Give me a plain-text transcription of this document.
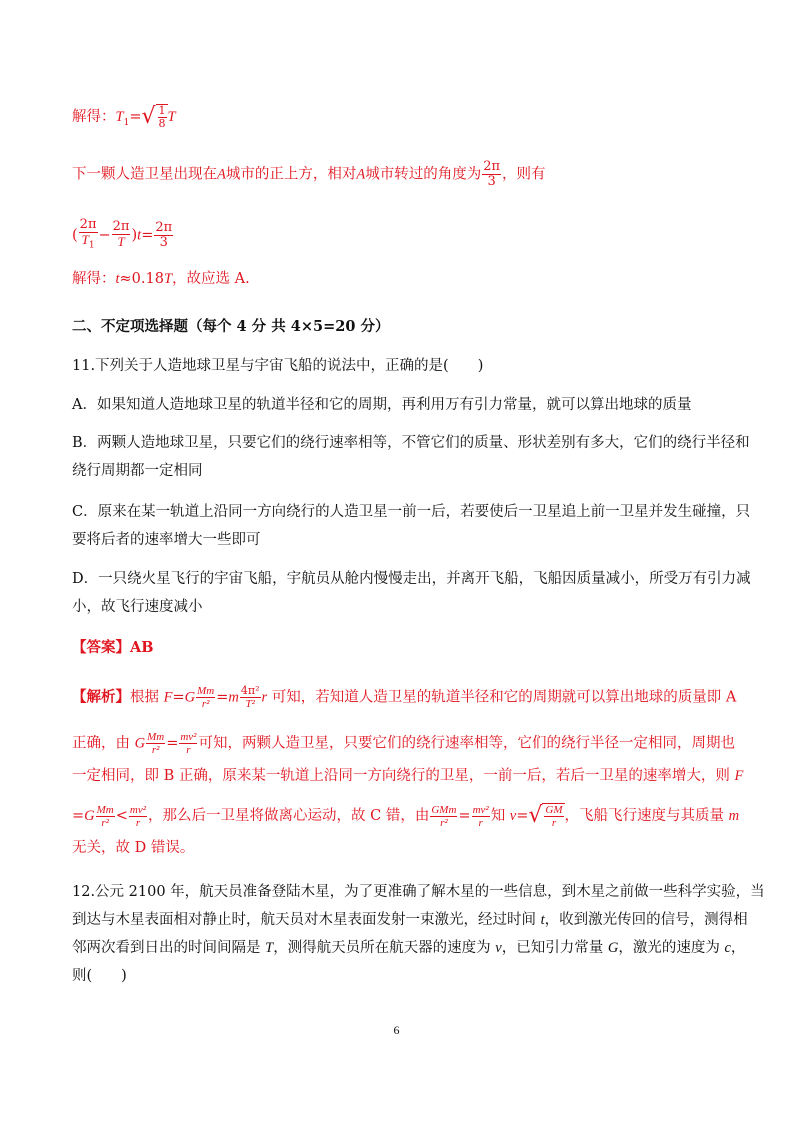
解得：$T_1=√ \frac{1}{8}$ T
下一颗人造卫星出现在A城市的正上方，相对A城市转过的角度为 $\frac{2\pi}{3}$ ，则有
( $\frac{2\pi}{T_1} - \frac{2\pi}{T} )t= \frac{2\pi}{3}$
解得：t≈0.18T，故应选 A.
二、不定项选择题（每个 4 分 共 4×5=20 分）
11.下列关于人造地球卫星与宇宙飞船的说法中，正确的是(　　)
A．如果知道人造地球卫星的轨道半径和它的周期，再利用万有引力常量，就可以算出地球的质量
B．两颗人造地球卫星，只要它们的绕行速率相等，不管它们的质量、形状差别有多大，它们的绕行半径和
绕行周期都一定相同
C．原来在某一轨道上沿同一方向绕行的人造卫星一前一后，若要使后一卫星追上前一卫星并发生碰撞，只
要将后者的速率增大一些即可
D．一只绕火星飞行的宇宙飞船，宇航员从舱内慢慢走出，并离开飞船，飞船因质量减小，所受万有引力减
小，故飞行速度减小
【答案】AB
【解析】根据 $F=G \frac{Mm}{\text{r²}} =m \frac{\text{4π²}}{\text{T²}}$ r 可知，若知道人造卫星的轨道半径和它的周期就可以算出地球的质量即 A
正确，由 G $\frac{Mm}{\text{r²}} = \frac{\text{mv²}}{r}$ 可知，两颗人造卫星，只要它们的绕行速率相等，它们的绕行半径一定相同，周期也
一定相同，即 B 正确，原来某一轨道上沿同一方向绕行的卫星，一前一后，若后一卫星的速率增大，则 F
$=G \frac{Mm}{\text{r²}} < \frac{\text{mv²}}{r}$ ，那么后一卫星将做离心运动，故 C 错，由 $\frac{\text{GMm}}{\text{r²}} = \frac{\text{mv²}}{r}$ 知 $v=√ \frac{GM}{r}$ ，飞船飞行速度与其质量 m
无关，故 D 错误。
12.公元 2100 年，航天员准备登陆木星，为了更准确了解木星的一些信息，到木星之前做一些科学实验，当
到达与木星表面相对静止时，航天员对木星表面发射一束激光，经过时间 t，收到激光传回的信号，测得相
邻两次看到日出的时间间隔是 T，测得航天员所在航天器的速度为 v，已知引力常量 G，激光的速度为 c，
则(　　)
6
